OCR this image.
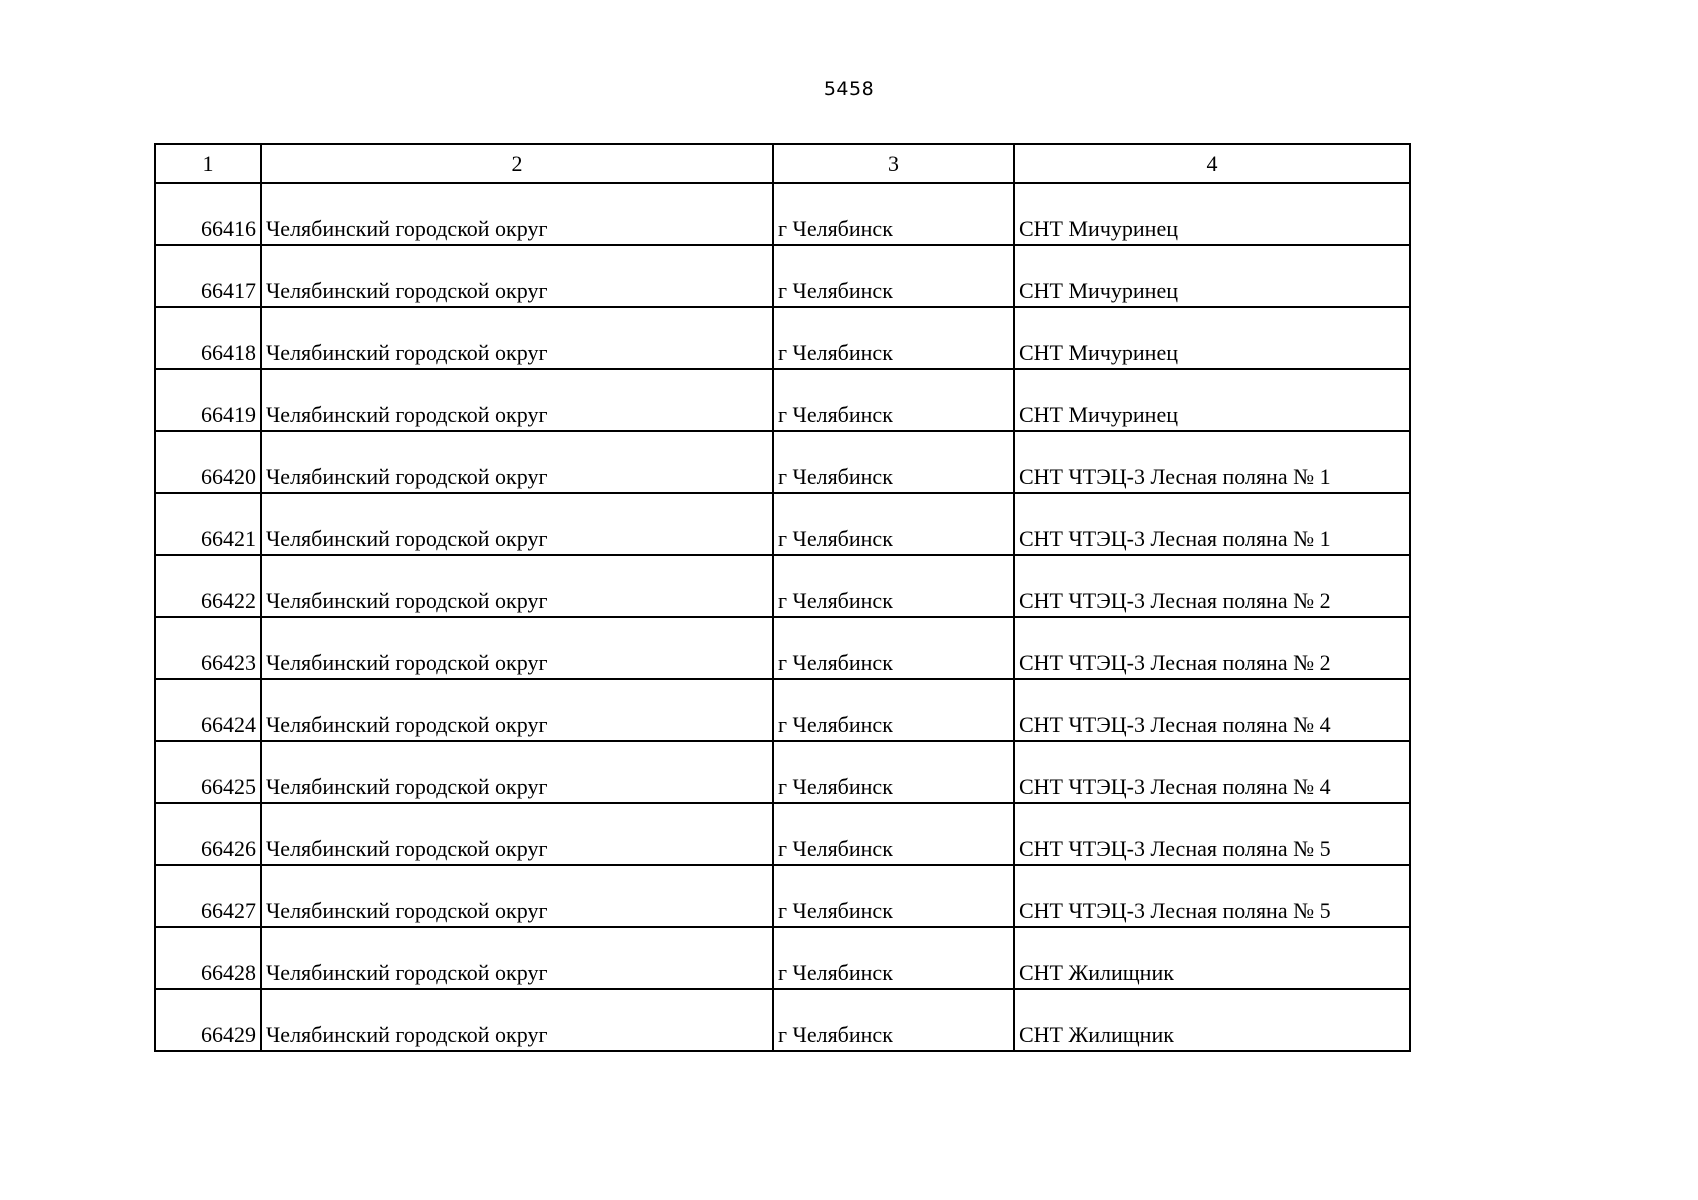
5458
1	2	3	4
66416	Челябинский городской округ	г Челябинск	СНТ Мичуринец
66417	Челябинский городской округ	г Челябинск	СНТ Мичуринец
66418	Челябинский городской округ	г Челябинск	СНТ Мичуринец
66419	Челябинский городской округ	г Челябинск	СНТ Мичуринец
66420	Челябинский городской округ	г Челябинск	СНТ ЧТЭЦ-3 Лесная поляна № 1
66421	Челябинский городской округ	г Челябинск	СНТ ЧТЭЦ-3 Лесная поляна № 1
66422	Челябинский городской округ	г Челябинск	СНТ ЧТЭЦ-3 Лесная поляна № 2
66423	Челябинский городской округ	г Челябинск	СНТ ЧТЭЦ-3 Лесная поляна № 2
66424	Челябинский городской округ	г Челябинск	СНТ ЧТЭЦ-3 Лесная поляна № 4
66425	Челябинский городской округ	г Челябинск	СНТ ЧТЭЦ-3 Лесная поляна № 4
66426	Челябинский городской округ	г Челябинск	СНТ ЧТЭЦ-3 Лесная поляна № 5
66427	Челябинский городской округ	г Челябинск	СНТ ЧТЭЦ-3 Лесная поляна № 5
66428	Челябинский городской округ	г Челябинск	СНТ Жилищник
66429	Челябинский городской округ	г Челябинск	СНТ Жилищник
